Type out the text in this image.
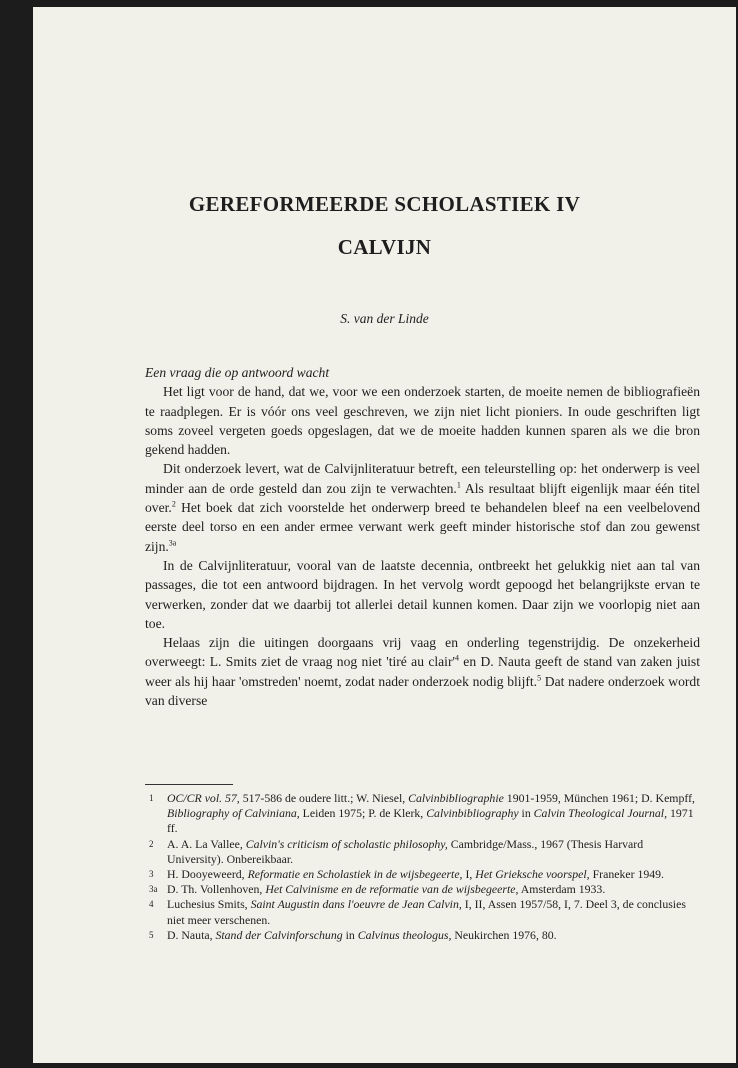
GEREFORMEERDE SCHOLASTIEK IV
CALVIJN
S. van der Linde

Een vraag die op antwoord wacht

Het ligt voor de hand, dat we, voor we een onderzoek starten, de moeite nemen de bibliografieën te raadplegen. Er is vóór ons veel geschreven, we zijn niet licht pioniers. In oude geschriften ligt soms zoveel vergeten goeds opgeslagen, dat we de moeite hadden kunnen sparen als we die bron gekend hadden.

Dit onderzoek levert, wat de Calvijnliteratuur betreft, een teleurstelling op: het onderwerp is veel minder aan de orde gesteld dan zou zijn te verwachten.$^1$ Als resultaat blijft eigenlijk maar één titel over.$^2$ Het boek dat zich voorstelde het onderwerp breed te behandelen bleef na een veelbelovend eerste deel torso en een ander ermee verwant werk geeft minder historische stof dan zou gewenst zijn.$^{3a}$

In de Calvijnliteratuur, vooral van de laatste decennia, ontbreekt het gelukkig niet aan tal van passages, die tot een antwoord bijdragen. In het vervolg wordt gepoogd het belangrijkste ervan te verwerken, zonder dat we daarbij tot allerlei detail kunnen komen. Daar zijn we voorlopig niet aan toe.

Helaas zijn die uitingen doorgaans vrij vaag en onderling tegenstrijdig. De onzekerheid overweegt: L. Smits ziet de vraag nog niet 'tiré au $clair'^4$ en D. Nauta geeft de stand van zaken juist weer als hij haar 'omstreden' noemt, zodat nader onderzoek nodig blijft.$^5$ Dat nadere onderzoek wordt van diverse

1 OC/CR vol. 57, 517-586 de oudere litt.; W. Niesel, Calvinbibliographie 1901-1959, München 1961; D. Kempff, Bibliography of Calviniana, Leiden 1975; P. de Klerk, Calvinbibliography in Calvin Theological Journal, 1971 ff.

2 A. A. La Vallee, Calvin's criticism of scholastic philosophy, Cambridge/Mass., 1967 (Thesis Harvard University). Onbereikbaar.

3 H. Dooyeweerd, Reformatie en Scholastiek in de wijsbegeerte, I, Het Grieksche voorspel, Franeker 1949.

3a D. Th. Vollenhoven, Het Calvinisme en de reformatie van de wijsbegeerte, Amsterdam 1933.

4 Luchesius Smits, Saint Augustin dans l'oeuvre de Jean Calvin, I, II, Assen 1957/58, I, 7. Deel 3, de conclusies niet meer verschenen.

5 D. Nauta, Stand der Calvinforschung in Calvinus theologus, Neukirchen 1976, 80.
